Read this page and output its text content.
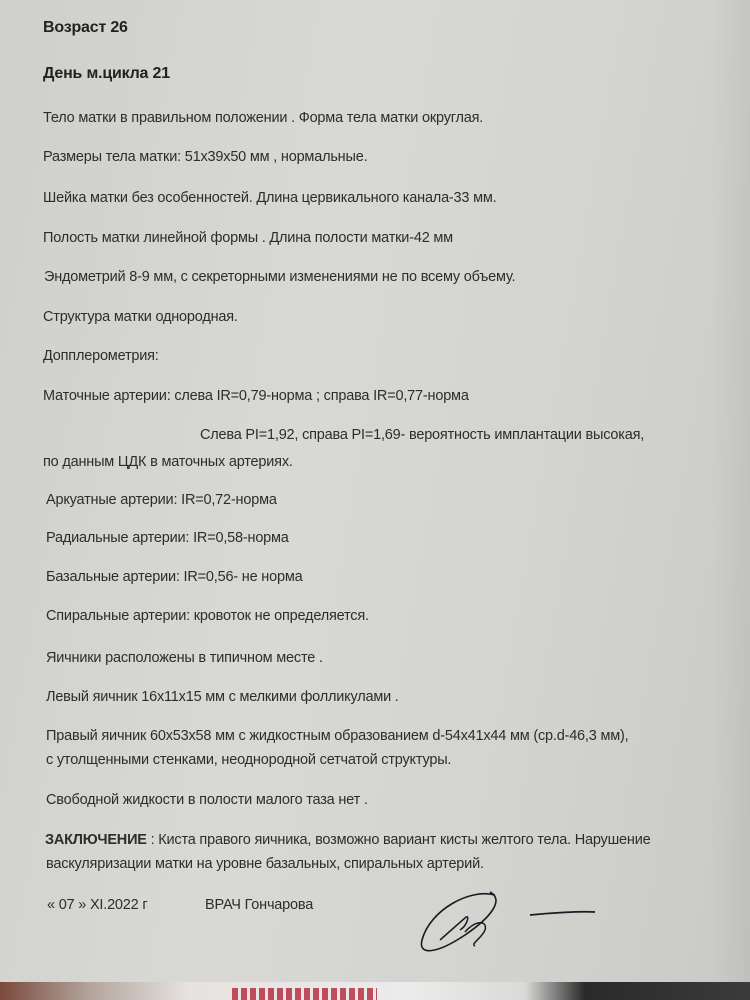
Возраст 26
День м.цикла 21
Тело матки в правильном положении . Форма тела матки округлая.
Размеры тела матки: 51x39x50 мм , нормальные.
Шейка матки без особенностей. Длина цервикального канала-33 мм.
Полость матки линейной формы . Длина полости матки-42 мм
Эндометрий 8-9 мм, с секреторными изменениями не по всему объему.
Структура матки однородная.
Допплерометрия:
Маточные артерии: слева IR=0,79-норма ; справа IR=0,77-норма
Слева PI=1,92, справа PI=1,69- вероятность имплантации высокая,
по данным ЦДК в маточных артериях.
Аркуатные артерии: IR=0,72-норма
Радиальные артерии: IR=0,58-норма
Базальные артерии: IR=0,56- не норма
Спиральные артерии: кровоток не определяется.
Яичники расположены в типичном месте .
Левый яичник 16x11x15 мм с мелкими фолликулами .
Правый яичник 60x53x58 мм с жидкостным образованием d-54x41x44 мм (ср.d-46,3 мм),
с утолщенными стенками, неоднородной сетчатой структуры.
Свободной жидкости в полости малого таза нет .
ЗАКЛЮЧЕНИЕ : Киста правого яичника, возможно вариант кисты желтого тела. Нарушение
васкуляризации матки на уровне базальных, спиральных артерий.
« 07 » XI.2022 г	ВРАЧ Гончарова
